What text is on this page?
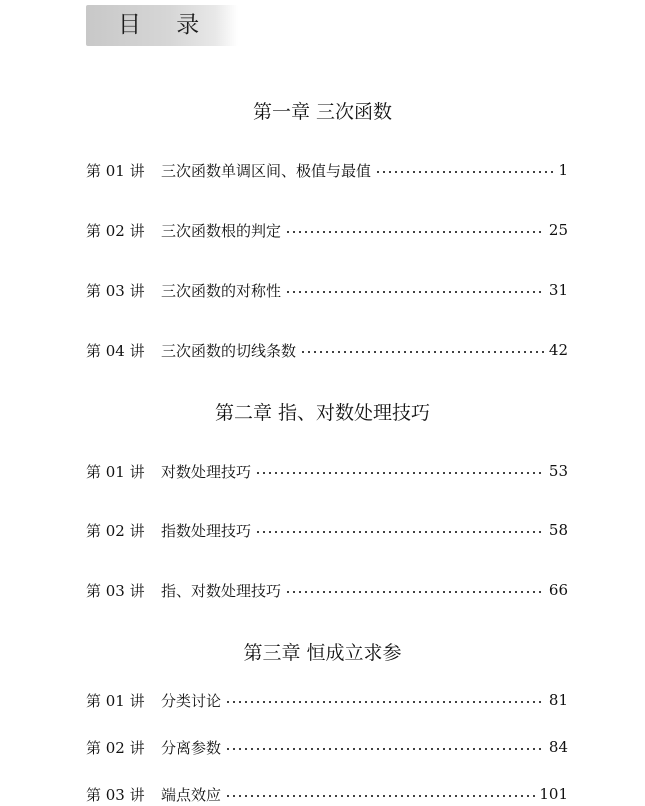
目 录
第一章 三次函数
第 01 讲	三次函数单调区间、极值与最值	1
第 02 讲	三次函数根的判定	25
第 03 讲	三次函数的对称性	31
第 04 讲	三次函数的切线条数	42
第二章 指、对数处理技巧
第 01 讲	对数处理技巧	53
第 02 讲	指数处理技巧	58
第 03 讲	指、对数处理技巧	66
第三章 恒成立求参
第 01 讲	分类讨论	81
第 02 讲	分离参数	84
第 03 讲	端点效应	101
